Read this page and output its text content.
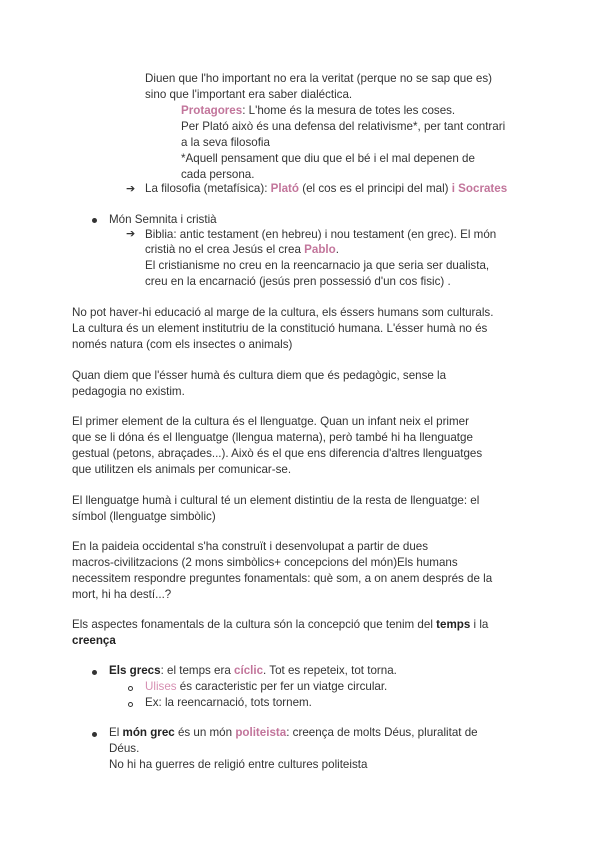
Diuen que l'ho important no era la veritat (perque no se sap que es)
sino que l'important era saber dialéctica.
Protagores: L'home és la mesura de totes les coses.
Per Plató això és una defensa del relativisme*, per tant contrari
a la seva filosofia
*Aquell pensament que diu que el bé i el mal depenen de
cada persona.
➔ La filosofia (metafísica): Plató (el cos es el principi del mal) i Socrates
Món Semnita i cristià
➔ Biblia: antic testament (en hebreu) i nou testament (en grec). El món
cristià no el crea Jesús el crea Pablo.
El cristianisme no creu en la reencarnacio ja que seria ser dualista,
creu en la encarnació (jesús pren possessió d'un cos fisic) .
No pot haver-hi educació al marge de la cultura, els éssers humans som culturals.
La cultura és un element institutriu de la constitució humana. L'ésser humà no és
només natura (com els insectes o animals)
Quan diem que l'ésser humà és cultura diem que és pedagògic, sense la
pedagogia no existim.
El primer element de la cultura és el llenguatge. Quan un infant neix el primer
que se li dóna és el llenguatge (llengua materna), però també hi ha llenguatge
gestual (petons, abraçades...). Això és el que ens diferencia d'altres llenguatges
que utilitzen els animals per comunicar-se.
El llenguatge humà i cultural té un element distintiu de la resta de llenguatge: el
símbol (llenguatge simbòlic)
En la paideia occidental s'ha construït i desenvolupat a partir de dues
macros-civilitzacions (2 mons simbòlics+ concepcions del món)Els humans
necessitem respondre preguntes fonamentals: què som, a on anem després de la
mort, hi ha destí...?
Els aspectes fonamentals de la cultura són la concepció que tenim del temps i la
creença
Els grecs: el temps era cíclic. Tot es repeteix, tot torna.
Ulises és caracteristic per fer un viatge circular.
Ex: la reencarnació, tots tornem.
El món grec és un món politeista: creença de molts Déus, pluralitat de
Déus.
No hi ha guerres de religió entre cultures politeista
